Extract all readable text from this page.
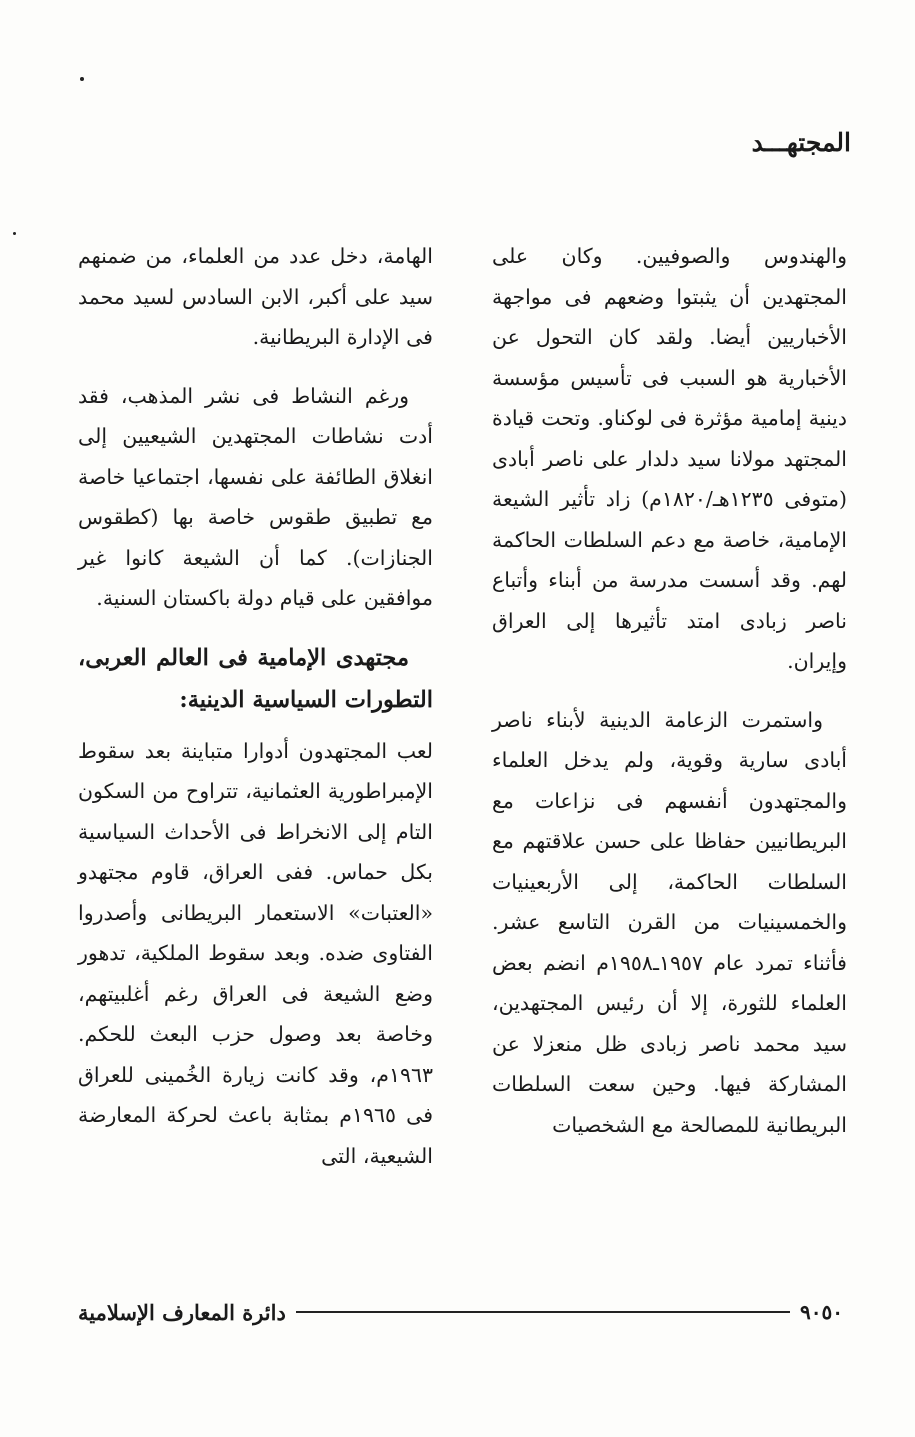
المجتهـــد

والهندوس والصوفيين. وكان على المجتهدين أن يثبتوا وضعهم فى مواجهة الأخباريين أيضا. ولقد كان التحول عن الأخبارية هو السبب فى تأسيس مؤسسة دينية إمامية مؤثرة فى لوكناو. وتحت قيادة المجتهد مولانا سيد دلدار على ناصر أبادى (متوفى ١٢٣٥هـ/١٨٢٠م) زاد تأثير الشيعة الإمامية، خاصة مع دعم السلطات الحاكمة لهم. وقد أسست مدرسة من أبناء وأتباع ناصر زبادى امتد تأثيرها إلى العراق وإيران.

واستمرت الزعامة الدينية لأبناء ناصر أبادى سارية وقوية، ولم يدخل العلماء والمجتهدون أنفسهم فى نزاعات مع البريطانيين حفاظا على حسن علاقتهم مع السلطات الحاكمة، إلى الأربعينيات والخمسينيات من القرن التاسع عشر. فأثناء تمرد عام ١٩٥٧ـ١٩٥٨م انضم بعض العلماء للثورة، إلا أن رئيس المجتهدين، سيد محمد ناصر زبادى ظل منعزلا عن المشاركة فيها. وحين سعت السلطات البريطانية للمصالحة مع الشخصيات

الهامة، دخل عدد من العلماء، من ضمنهم سيد على أكبر، الابن السادس لسيد محمد فى الإدارة البريطانية.

ورغم النشاط فى نشر المذهب، فقد أدت نشاطات المجتهدين الشيعيين إلى انغلاق الطائفة على نفسها، اجتماعيا خاصة مع تطبيق طقوس خاصة بها (كطقوس الجنازات). كما أن الشيعة كانوا غير موافقين على قيام دولة باكستان السنية.

مجتهدى الإمامية فى العالم العربى، التطورات السياسية الدينية:

لعب المجتهدون أدوارا متباينة بعد سقوط الإمبراطورية العثمانية، تتراوح من السكون التام إلى الانخراط فى الأحداث السياسية بكل حماس. ففى العراق، قاوم مجتهدو «العتبات» الاستعمار البريطانى وأصدروا الفتاوى ضده. وبعد سقوط الملكية، تدهور وضع الشيعة فى العراق رغم أغلبيتهم، وخاصة بعد وصول حزب البعث للحكم. ١٩٦٣م، وقد كانت زيارة الخُمينى للعراق فى ١٩٦٥م بمثابة باعث لحركة المعارضة الشيعية، التى

٩٠٥٠
دائرة المعارف الإسلامية
